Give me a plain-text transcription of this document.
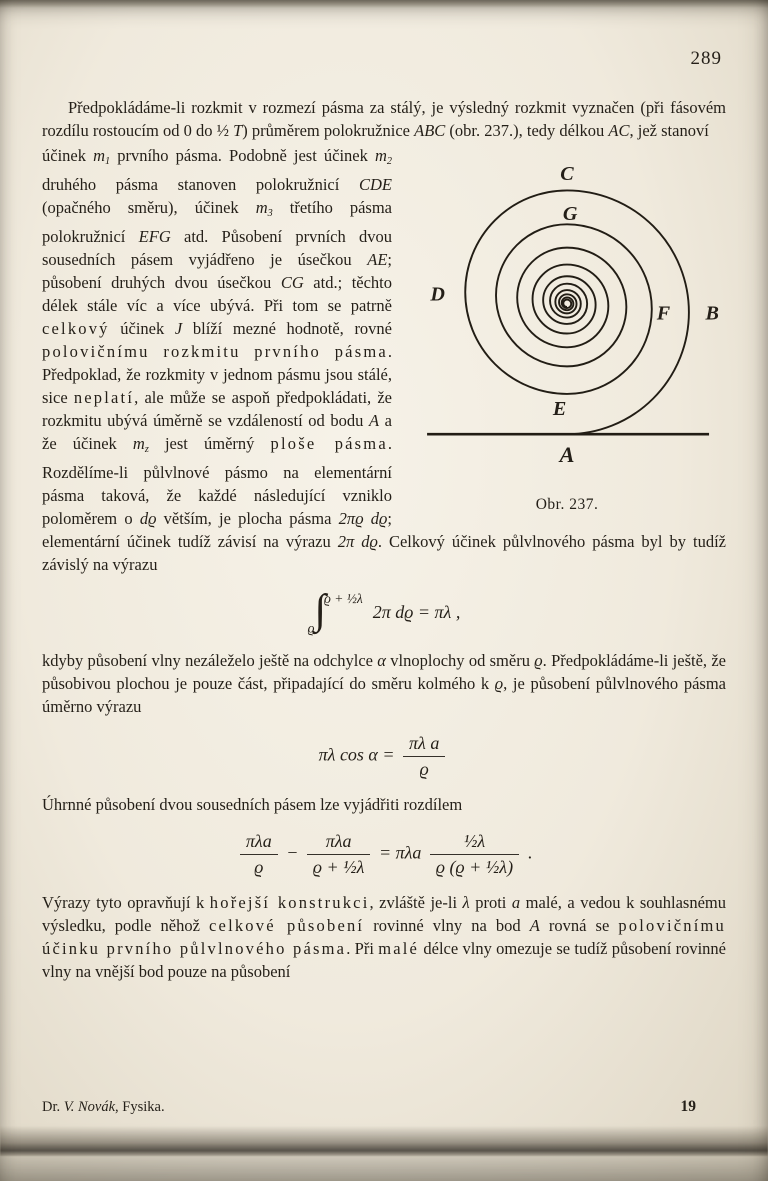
289
Předpokládáme-li rozkmit v rozmezí pásma za stálý, je výsledný rozkmit vyznačen (při fásovém rozdílu rostoucím od 0 do ½ T) průměrem polokružnice ABC (obr. 237.), tedy délkou AC, jež stanoví
C
G
D
F B
E
A
Obr. 237.
účinek $m_1$ prvního pásma. Podobně jest účinek $m_2$ druhého pásma stanoven polokružnicí CDE (opačného směru), účinek $m_3$ třetího pásma polokružnicí EFG atd. Působení prvních dvou sousedních pásem vyjádřeno je úsečkou AE; působení druhých dvou úsečkou CG atd.; těchto délek stále víc a více ubývá. Při tom se patrně celkový účinek J blíží mezné hodnotě, rovné polovičnímu rozkmitu prvního pásma. Předpoklad, že rozkmity v jednom pásmu jsou stálé, sice neplatí, ale může se aspoň předpokládati, že rozkmitu ubývá úměrně se vzdáleností od bodu A a že účinek $m_z$ jest úměrný ploše pásma. Rozdělíme-li půlvlnové pásmo na elementární pásma taková, že každé následující vzniklo poloměrem o dϱ větším, je plocha pásma 2πϱ dϱ; elementární účinek tudíž závisí na výrazu 2π dϱ. Celkový účinek půlvlnového pásma byl by tudíž závislý na výrazu
$_ϱ$∫$^{ϱ + \frac{1}{2}\lambda}$2π dϱ = πλ ,
kdyby působení vlny nezáleželo ještě na odchylce α vlnoplochy od směru ϱ. Předpokládáme-li ještě, že působivou plochou je pouze část, připadající do směru kolmého k ϱ, je působení půlvlnového pásma úměrno výrazu
πλ $\cos \alpha = \frac{\text{πλ a}}{ϱ}$
Úhrnné působení dvou sousedních pásem lze vyjádřiti rozdílem
$\frac{\text{πλa}}{ϱ} - \frac{\text{πλa}}{\text{ϱ + ½λ}} = \pi\lambda a \frac{\text{½λ}}{\text{ϱ (ϱ + ½λ)}}$ .
Výrazy tyto opravňují k hořejší konstrukci, zvláště je-li λ proti a malé, a vedou k souhlasnému výsledku, podle něhož celkové působení rovinné vlny na bod A rovná se polovičnímu účinku prvního půlvlnového pásma. Při malé délce vlny omezuje se tudíž působení rovinné vlny na vnější bod pouze na působení
Dr. V. Novák, Fysika.	19
